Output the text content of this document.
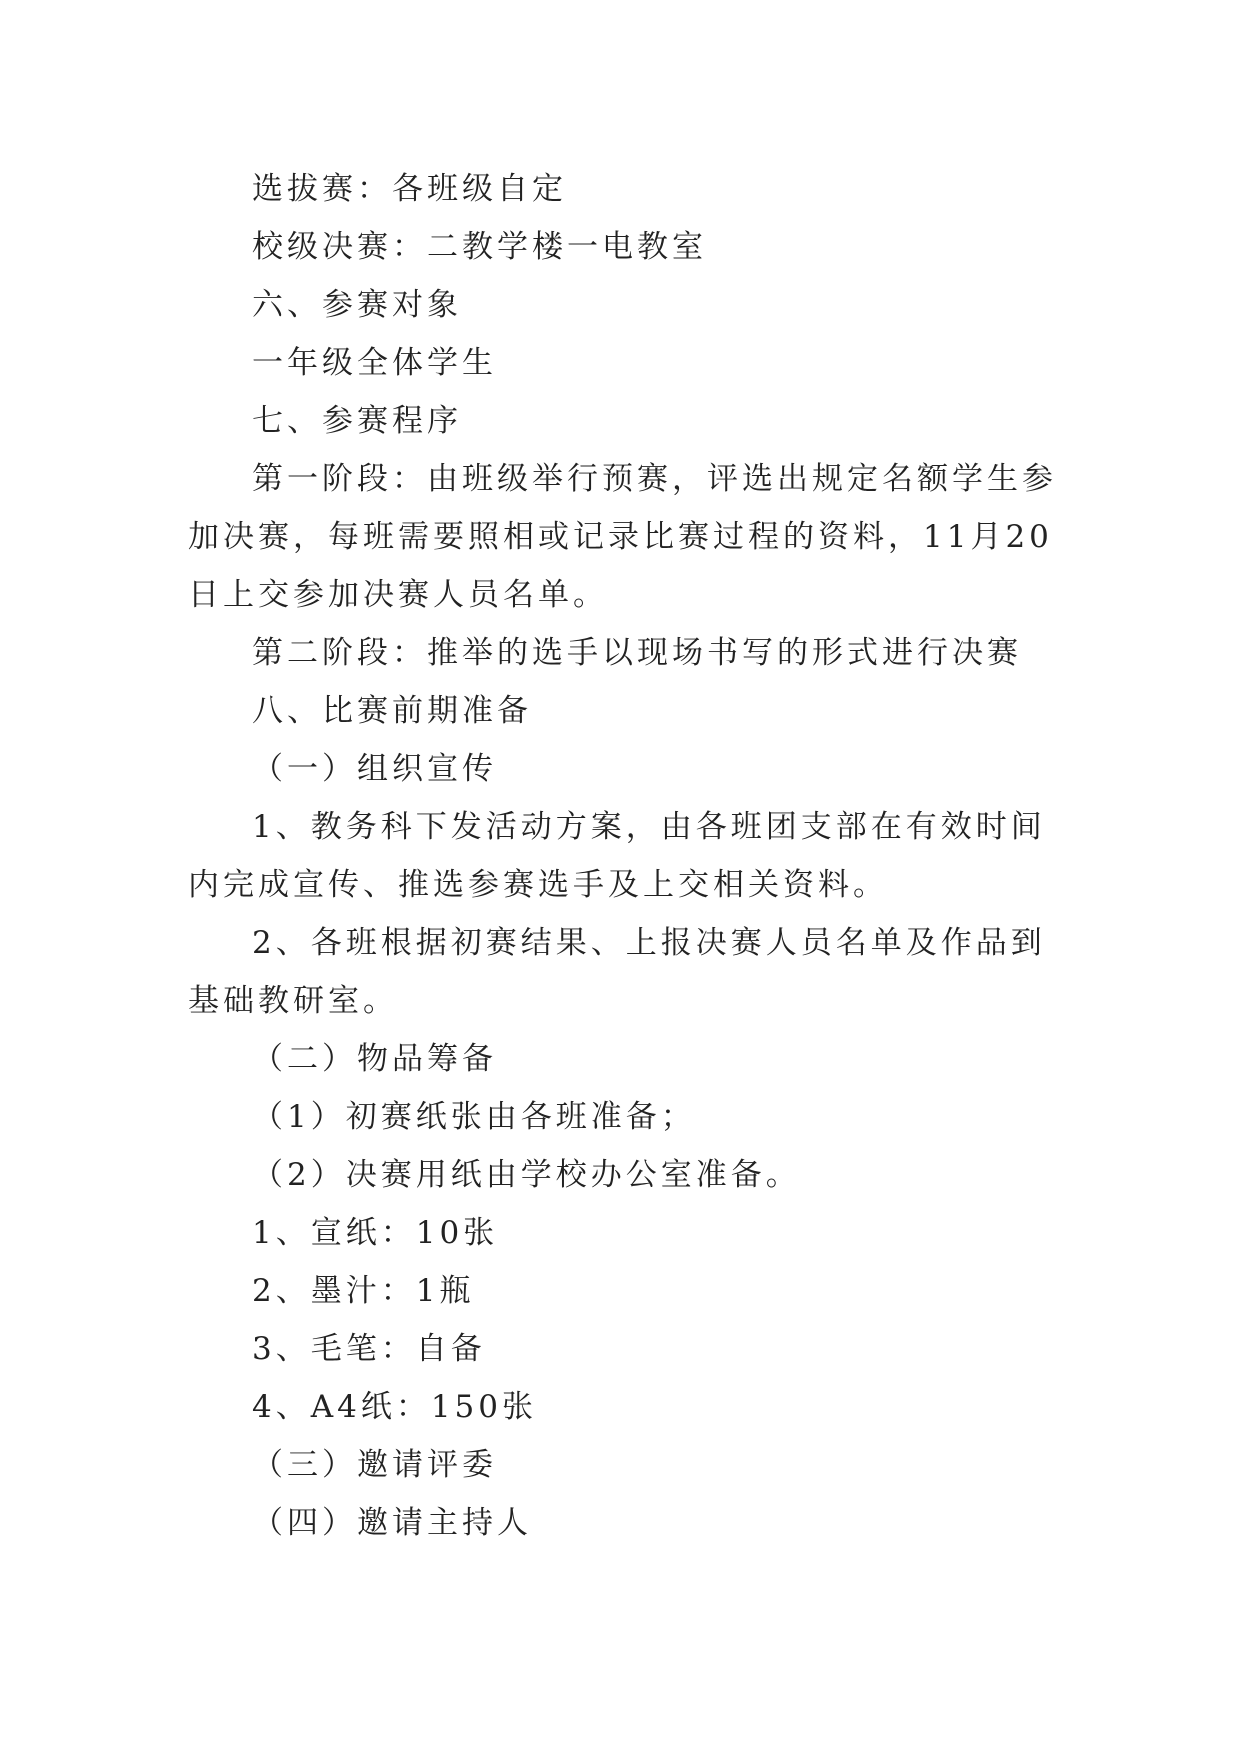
选拔赛：各班级自定

校级决赛：二教学楼一电教室

六、参赛对象

一年级全体学生

七、参赛程序

第一阶段：由班级举行预赛，评选出规定名额学生参加决赛，每班需要照相或记录比赛过程的资料，11月20日上交参加决赛人员名单。

第二阶段：推举的选手以现场书写的形式进行决赛

八、比赛前期准备

（一）组织宣传

1、教务科下发活动方案，由各班团支部在有效时间内完成宣传、推选参赛选手及上交相关资料。

2、各班根据初赛结果、上报决赛人员名单及作品到基础教研室。

（二）物品筹备

（1）初赛纸张由各班准备；

（2）决赛用纸由学校办公室准备。

1、宣纸：10张

2、墨汁：1瓶

3、毛笔：自备

4、A4纸：150张

（三）邀请评委

（四）邀请主持人
